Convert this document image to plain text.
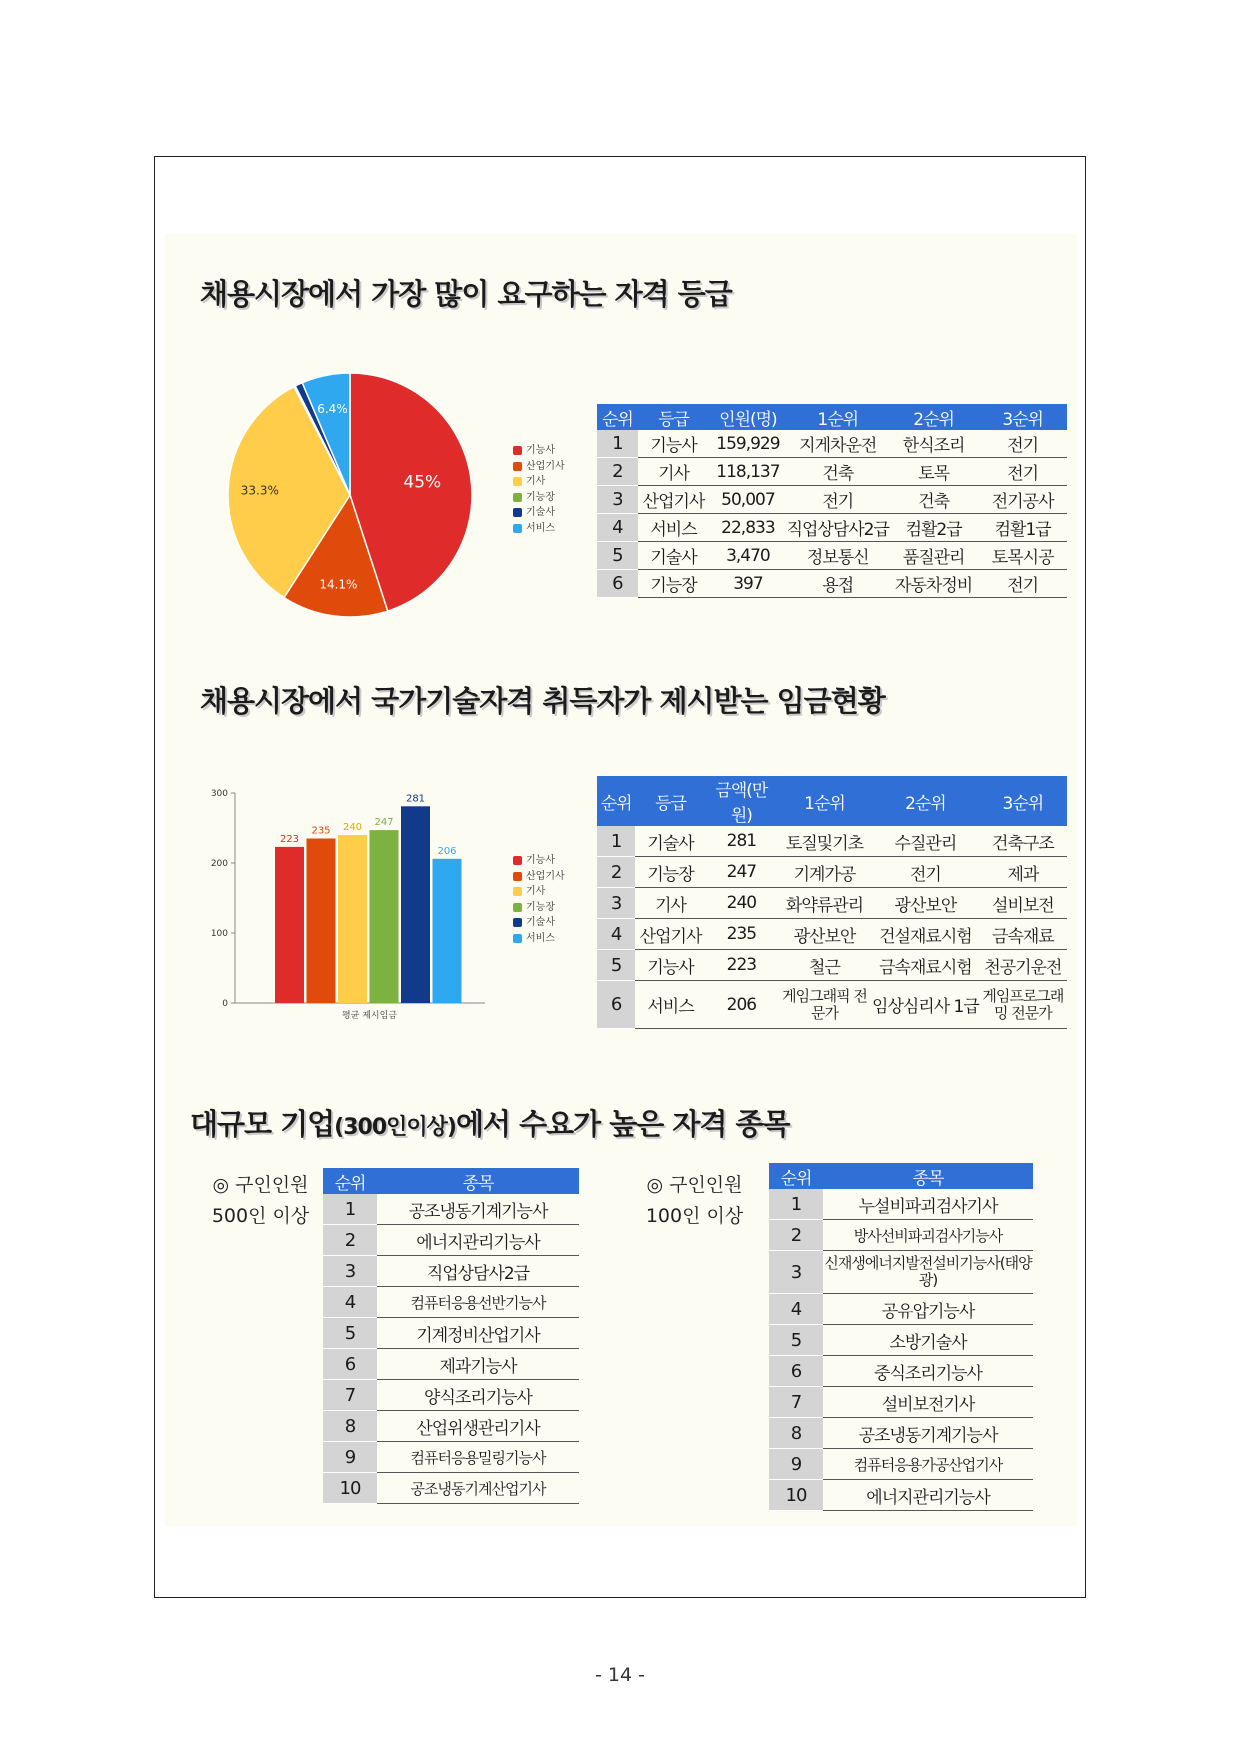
채용시장에서 가장 많이 요구하는 자격 등급
45%
14.1%
33.3%
6.4%
기능사
산업기사
기사
기능장
기술사
서비스
순위	등급	인원(명)	1순위	2순위	3순위
1	기능사	159,929	지게차운전	한식조리	전기
2	기사	118,137	건축	토목	전기
3	산업기사	50,007	전기	건축	전기공사
4	서비스	22,833	직업상담사2급	컴활2급	컴활1급
5	기술사	3,470	정보통신	품질관리	토목시공
6	기능장	397	용접	자동차정비	전기
채용시장에서 국가기술자격 취득자가 제시받는 임금현황
0
100
200
300
223
235 240 247
281
206
평균 제시임금
기능사
산업기사
기사
기능장
기술사
서비스
순위	등급	금액(만원)	1순위	2순위	3순위
1	기술사	281	토질및기초	수질관리	건축구조
2	기능장	247	기계가공	전기	제과
3	기사	240	화약류관리	광산보안	설비보전
4	산업기사	235	광산보안	건설재료시험	금속재료
5	기능사	223	철근	금속재료시험	천공기운전
6	서비스	206	게임그래픽 전문가	임상심리사 1급	게임프로그래밍 전문가
대규모 기업(300인이상)에서 수요가 높은 자격 종목
◎ 구인인원
500인 이상
순위	종목
1	공조냉동기계기능사
2	에너지관리기능사
3	직업상담사2급
4	컴퓨터응용선반기능사
5	기계정비산업기사
6	제과기능사
7	양식조리기능사
8	산업위생관리기사
9	컴퓨터응용밀링기능사
10	공조냉동기계산업기사
◎ 구인인원
100인 이상
순위	종목
1	누설비파괴검사기사
2	방사선비파괴검사기능사
3	신재생에너지발전설비기능사(태양광)
4	공유압기능사
5	소방기술사
6	중식조리기능사
7	설비보전기사
8	공조냉동기계기능사
9	컴퓨터응용가공산업기사
10	에너지관리기능사
- 14 -
